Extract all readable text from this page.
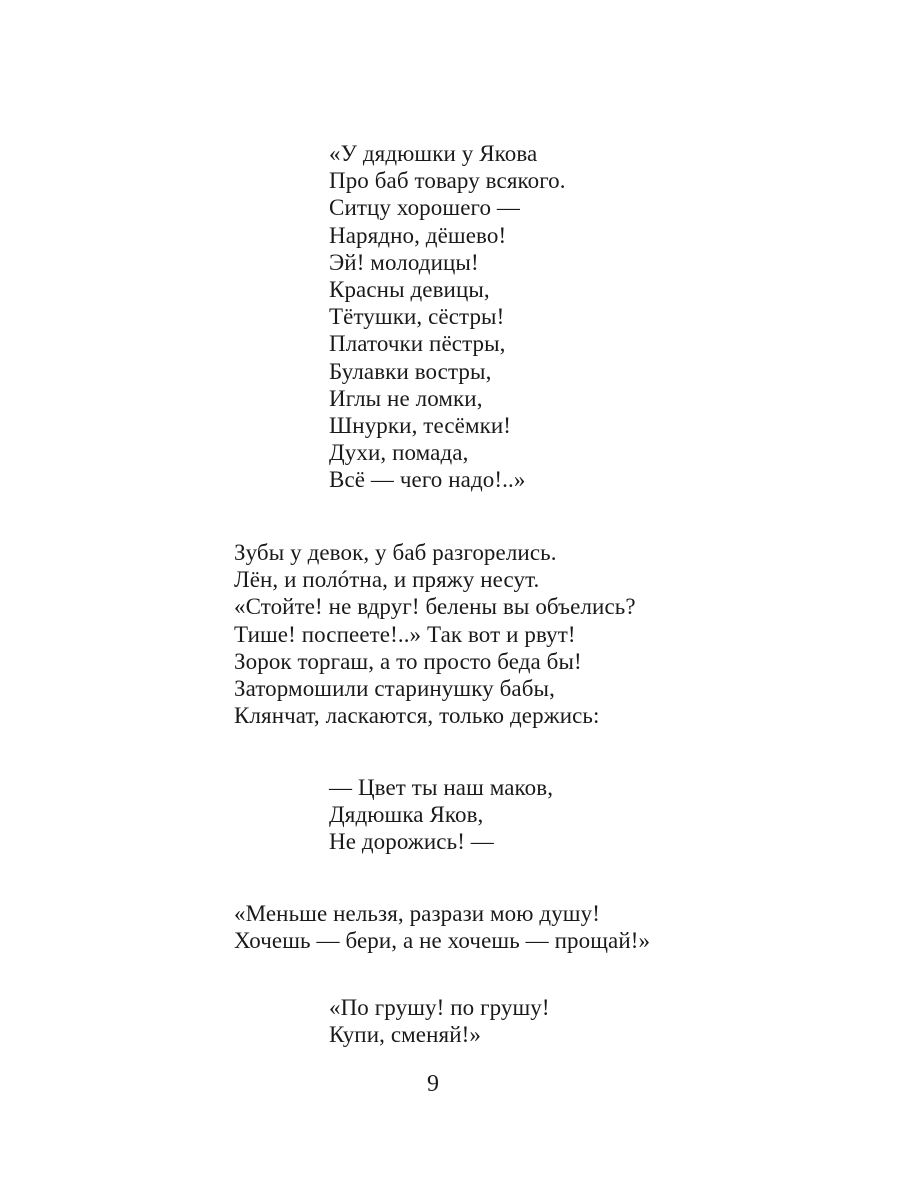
«У дядюшки у Якова
Про баб товару всякого.
Ситцу хорошего —
Нарядно, дёшево!
Эй! молодицы!
Красны девицы,
Тётушки, сёстры!
Платочки пёстры,
Булавки востры,
Иглы не ломки,
Шнурки, тесёмки!
Духи, помада,
Всё — чего надо!..»
Зубы у девок, у баб разгорелись.
Лён, и полóтна, и пряжу несут.
«Стойте! не вдруг! белены вы объелись?
Тише! поспеете!..» Так вот и рвут!
Зорок торгаш, а то просто беда бы!
Затормошили старинушку бабы,
Клянчат, ласкаются, только держись:
— Цвет ты наш маков,
Дядюшка Яков,
Не дорожись! —
«Меньше нельзя, разрази мою душу!
Хочешь — бери, а не хочешь — прощай!»
«По грушу! по грушу!
Купи, сменяй!»
9
